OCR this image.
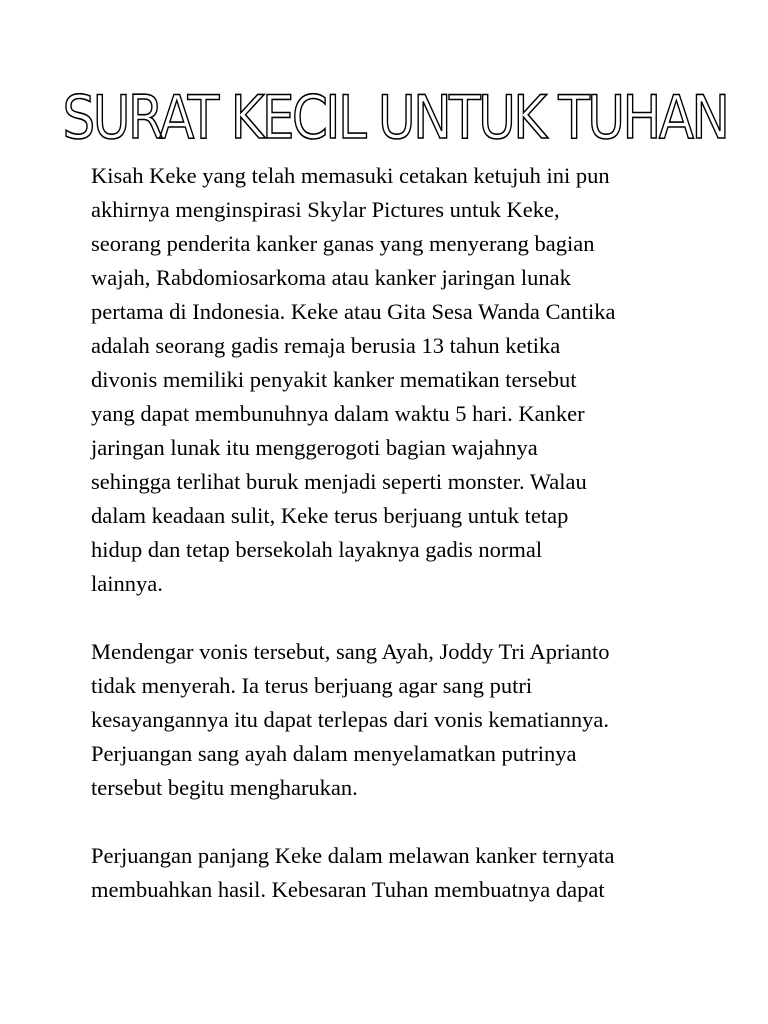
SURAT KECIL UNTUK TUHAN
Kisah Keke yang telah memasuki cetakan ketujuh ini pun
akhirnya menginspirasi Skylar Pictures untuk Keke,
seorang penderita kanker ganas yang menyerang bagian
wajah, Rabdomiosarkoma atau kanker jaringan lunak
pertama di Indonesia. Keke atau Gita Sesa Wanda Cantika
adalah seorang gadis remaja berusia 13 tahun ketika
divonis memiliki penyakit kanker mematikan tersebut
yang dapat membunuhnya dalam waktu 5 hari. Kanker
jaringan lunak itu menggerogoti bagian wajahnya
sehingga terlihat buruk menjadi seperti monster. Walau
dalam keadaan sulit, Keke terus berjuang untuk tetap
hidup dan tetap bersekolah layaknya gadis normal
lainnya.
Mendengar vonis tersebut, sang Ayah, Joddy Tri Aprianto
tidak menyerah. Ia terus berjuang agar sang putri
kesayangannya itu dapat terlepas dari vonis kematiannya.
Perjuangan sang ayah dalam menyelamatkan putrinya
tersebut begitu mengharukan.
Perjuangan panjang Keke dalam melawan kanker ternyata
membuahkan hasil. Kebesaran Tuhan membuatnya dapat
